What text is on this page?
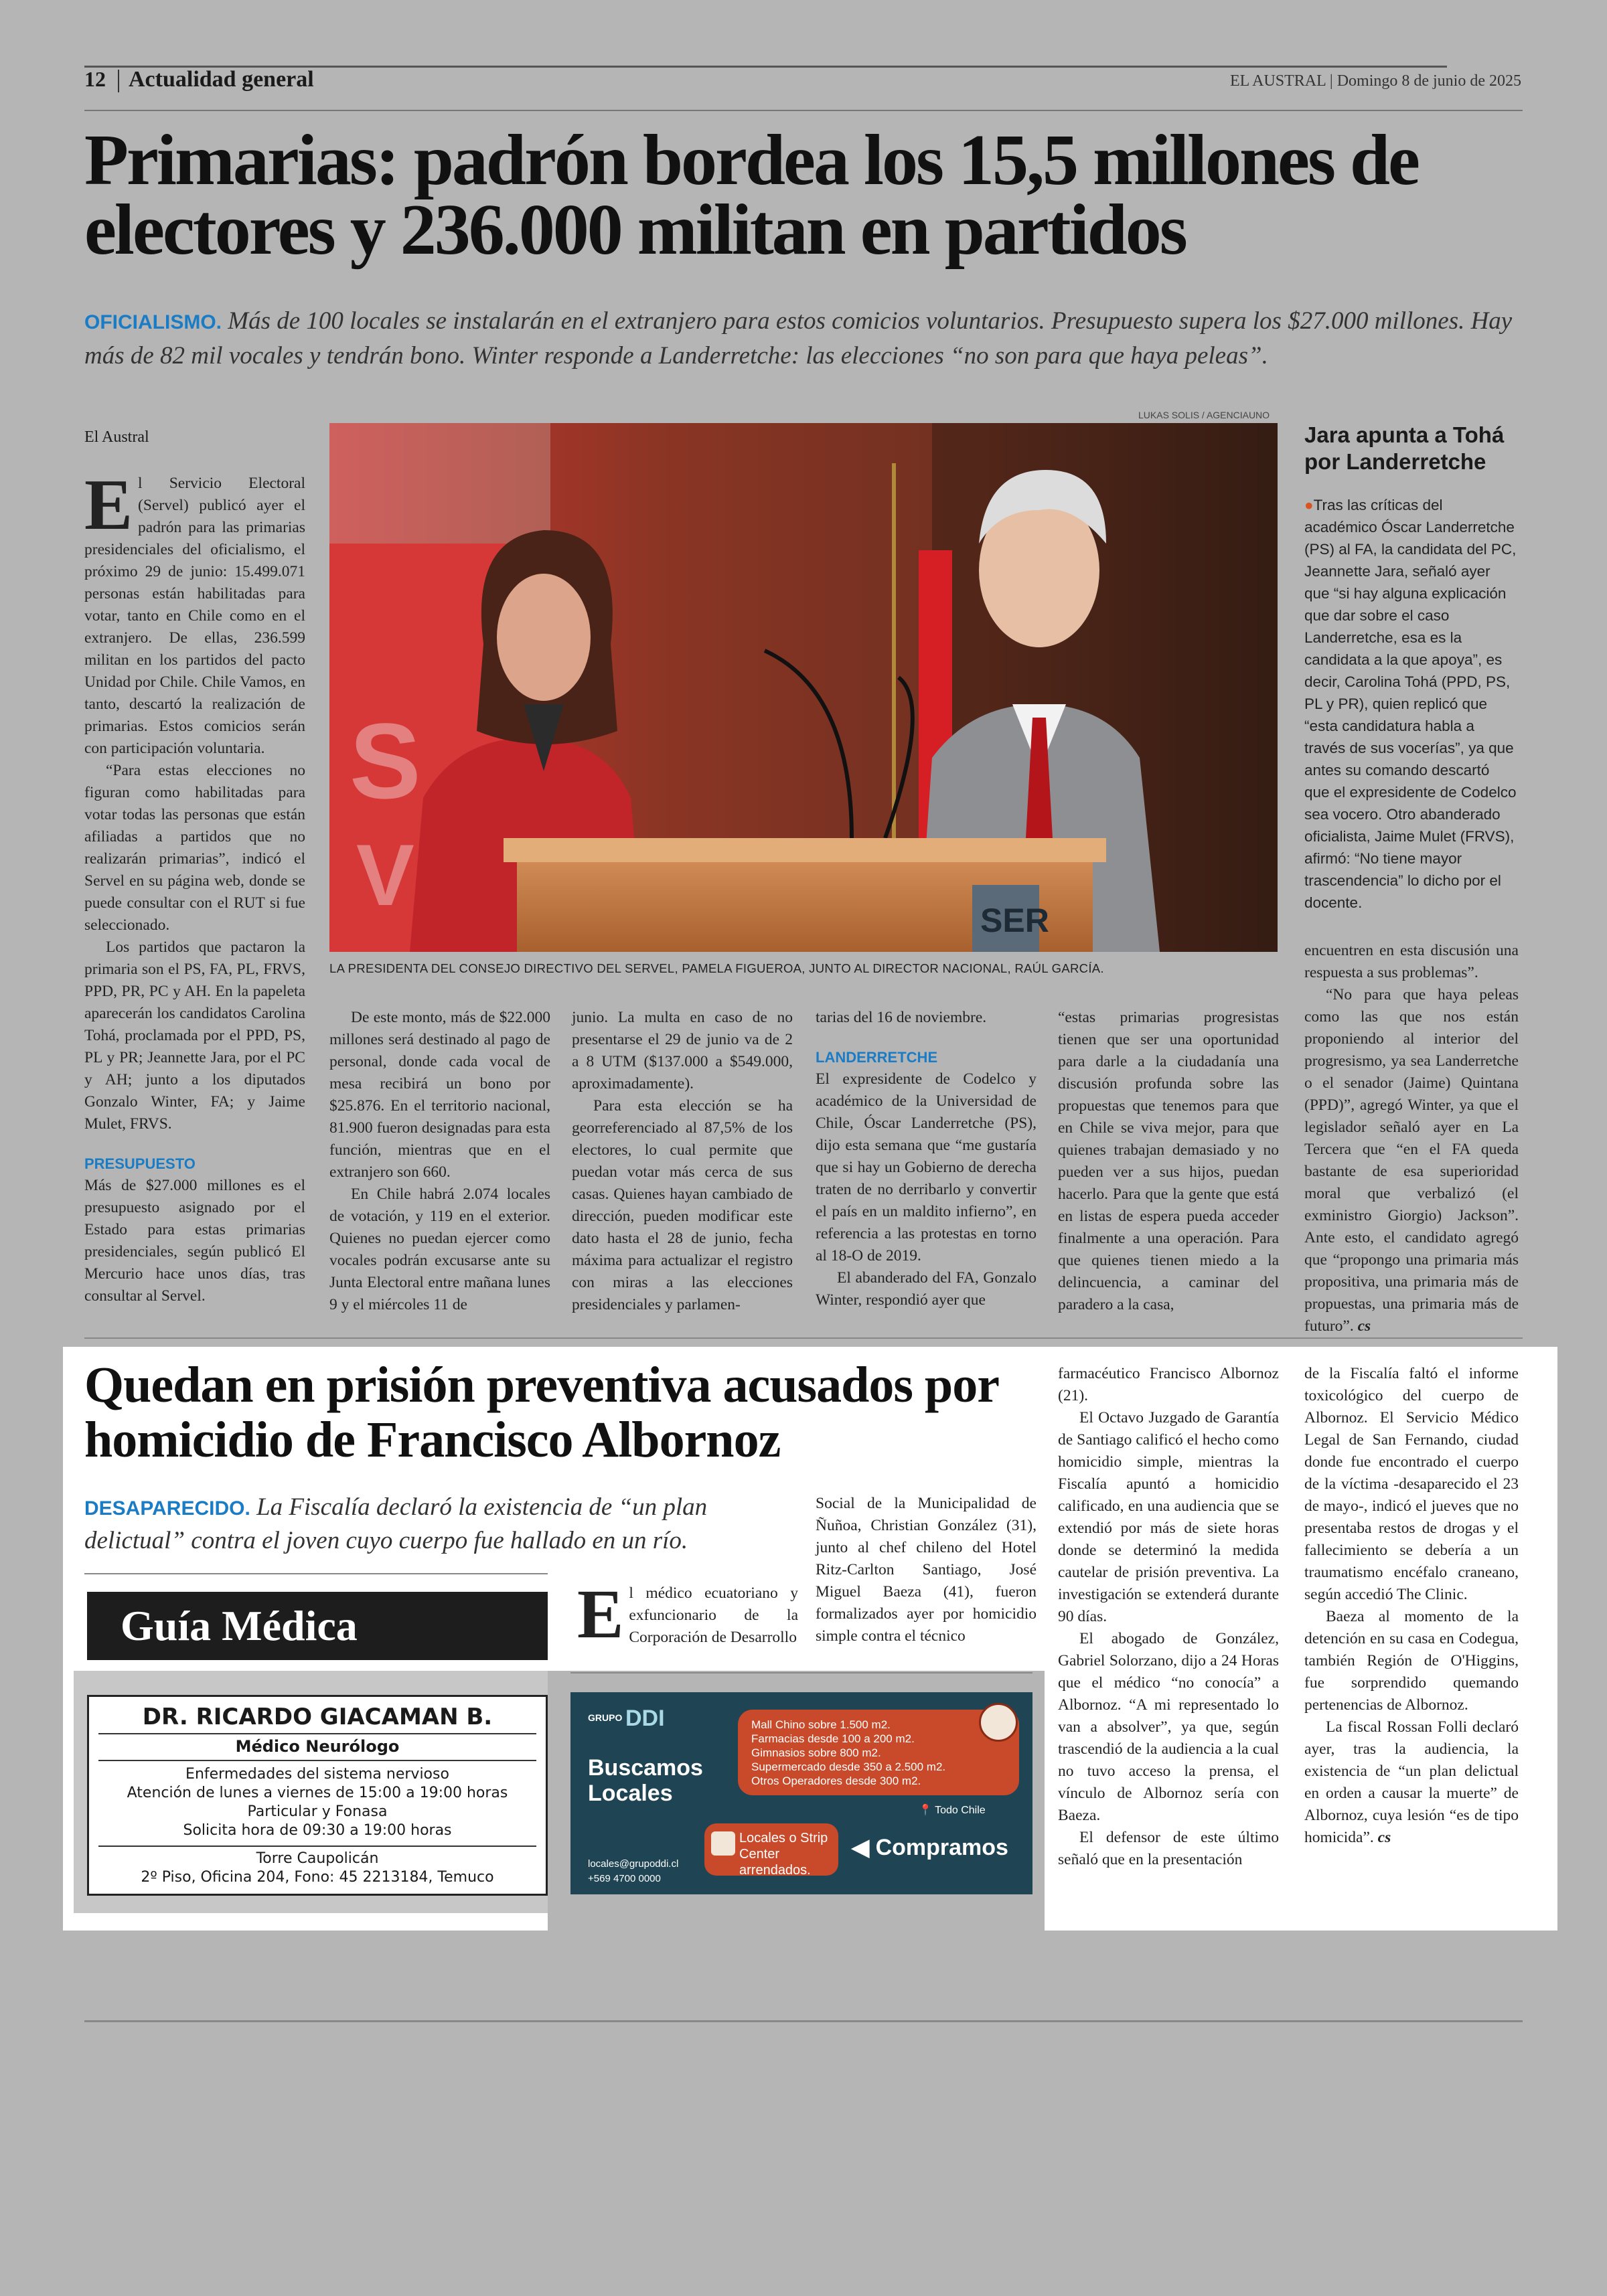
12 Actualidad general	EL AUSTRAL | Domingo 8 de junio de 2025
Primarias: padrón bordea los 15,5 millones de electores y 236.000 militan en partidos
OFICIALISMO. Más de 100 locales se instalarán en el extranjero para estos comicios voluntarios. Presupuesto supera los $27.000 millones. Hay más de 82 mil vocales y tendrán bono. Winter responde a Landerretche: las elecciones “no son para que haya peleas”.
El Austral
LUKAS SOLIS / AGENCIAUNO
S
V	SER
LA PRESIDENTA DEL CONSEJO DIRECTIVO DEL SERVEL, PAMELA FIGUEROA, JUNTO AL DIRECTOR NACIONAL, RAÚL GARCÍA.

El Servicio Electoral (Servel) publicó ayer el padrón para las primarias presidenciales del oficialismo, el próximo 29 de junio: 15.499.071 personas están habilitadas para votar, tanto en Chile como en el extranjero. De ellas, 236.599 militan en los partidos del pacto Unidad por Chile. Chile Vamos, en tanto, descartó la realización de primarias. Estos comicios serán con participación voluntaria.

“Para estas elecciones no figuran como habilitadas para votar todas las personas que están afiliadas a partidos que no realizarán primarias”, indicó el Servel en su página web, donde se puede consultar con el RUT si fue seleccionado.

Los partidos que pactaron la primaria son el PS, FA, PL, FRVS, PPD, PR, PC y AH. En la papeleta aparecerán los candidatos Carolina Tohá, proclamada por el PPD, PS, PL y PR; Jeannette Jara, por el PC y AH; junto a los diputados Gonzalo Winter, FA; y Jaime Mulet, FRVS.

PRESUPUESTO

Más de $27.000 millones es el presupuesto asignado por el Estado para estas primarias presidenciales, según publicó El Mercurio hace unos días, tras consultar al Servel.

De este monto, más de $22.000 millones será destinado al pago de personal, donde cada vocal de mesa recibirá un bono por $25.876. En el territorio nacional, 81.900 fueron designadas para esta función, mientras que en el extranjero son 660.

En Chile habrá 2.074 locales de votación, y 119 en el exterior. Quienes no puedan ejercer como vocales podrán excusarse ante su Junta Electoral entre mañana lunes 9 y el miércoles 11 de

junio. La multa en caso de no presentarse el 29 de junio va de 2 a 8 UTM ($137.000 a $549.000, aproximadamente).

Para esta elección se ha georreferenciado al 87,5% de los electores, lo cual permite que puedan votar más cerca de sus casas. Quienes hayan cambiado de dirección, pueden modificar este dato hasta el 28 de junio, fecha máxima para actualizar el registro con miras a las elecciones presidenciales y parlamen-

tarias del 16 de noviembre.

LANDERRETCHE

El expresidente de Codelco y académico de la Universidad de Chile, Óscar Landerretche (PS), dijo esta semana que “me gustaría que si hay un Gobierno de derecha traten de no derribarlo y convertir el país en un maldito infierno”, en referencia a las protestas en torno al 18-O de 2019.

El abanderado del FA, Gonzalo Winter, respondió ayer que

“estas primarias progresistas tienen que ser una oportunidad para darle a la ciudadanía una discusión profunda sobre las propuestas que tenemos para que en Chile se viva mejor, para que quienes trabajan demasiado y no pueden ver a sus hijos, puedan hacerlo. Para que la gente que está en listas de espera pueda acceder finalmente a una operación. Para que quienes tienen miedo a la delincuencia, a caminar del paradero a la casa,

Jara apunta a Tohá por Landerretche

●Tras las críticas del académico Óscar Landerretche (PS) al FA, la candidata del PC, Jeannette Jara, señaló ayer que “si hay alguna explicación que dar sobre el caso Landerretche, esa es la candidata a la que apoya”, es decir, Carolina Tohá (PPD, PS, PL y PR), quien replicó que “esta candidatura habla a través de sus vocerías”, ya que antes su comando descartó que el expresidente de Codelco sea vocero. Otro abanderado oficialista, Jaime Mulet (FRVS), afirmó: “No tiene mayor trascendencia” lo dicho por el docente.

encuentren en esta discusión una respuesta a sus problemas”.

“No para que haya peleas como las que nos están proponiendo al interior del progresismo, ya sea Landerretche o el senador (Jaime) Quintana (PPD)”, agregó Winter, ya que el legislador señaló ayer en La Tercera que “en el FA queda bastante de esa superioridad moral que verbalizó (el exministro Giorgio) Jackson”. Ante esto, el candidato agregó que “propongo una primaria más propositiva, una primaria más de propuestas, una primaria más de futuro”. cs

Quedan en prisión preventiva acusados por homicidio de Francisco Albornoz
DESAPARECIDO. La Fiscalía declaró la existencia de “un plan delictual” contra el joven cuyo cuerpo fue hallado en un río.

El médico ecuatoriano y exfuncionario de la Corporación de Desarrollo

Social de la Municipalidad de Ñuñoa, Christian González (31), junto al chef chileno del Hotel Ritz-Carlton Santiago, José Miguel Baeza (41), fueron formalizados ayer por homicidio simple contra el técnico

farmacéutico Francisco Albornoz (21).

El Octavo Juzgado de Garantía de Santiago calificó el hecho como homicidio simple, mientras la Fiscalía apuntó a homicidio calificado, en una audiencia que se extendió por más de siete horas donde se determinó la medida cautelar de prisión preventiva. La investigación se extenderá durante 90 días.

El abogado de González, Gabriel Solorzano, dijo a 24 Horas que el médico “no conocía” a Albornoz. “A mi representado lo van a absolver”, ya que, según trascendió de la audiencia a la cual no tuvo acceso la prensa, el vínculo de Albornoz sería con Baeza.

El defensor de este último señaló que en la presentación

de la Fiscalía faltó el informe toxicológico del cuerpo de Albornoz. El Servicio Médico Legal de San Fernando, ciudad donde fue encontrado el cuerpo de la víctima -desaparecido el 23 de mayo-, indicó el jueves que no presentaba restos de drogas y el fallecimiento se debería a un traumatismo encéfalo craneano, según accedió The Clinic.

Baeza al momento de la detención en su casa en Codegua, también Región de O'Higgins, fue sorprendido quemando pertenencias de Albornoz.

La fiscal Rossan Folli declaró ayer, tras la audiencia, la existencia de “un plan delictual en orden a causar la muerte” de Albornoz, cuya lesión “es de tipo homicida”. cs

Guía Médica
DR. RICARDO GIACAMAN B.
Médico Neurólogo
Enfermedades del sistema nervioso
Atención de lunes a viernes de 15:00 a 19:00 horas
Particular y Fonasa
Solicita hora de 09:30 a 19:00 horas
Torre Caupolicán
2º Piso, Oficina 204, Fono: 45 2213184, Temuco
GRUPO DDI
Buscamos Locales
Mall Chino sobre 1.500 m2.
Farmacias desde 100 a 200 m2.
Gimnasios sobre 800 m2.
Supermercado desde 350 a 2.500 m2.
Otros Operadores desde 300 m2.
📍 Todo Chile
Locales o Strip Center arrendados.
◀ Compramos
locales@grupoddi.cl
+569 4700 0000
